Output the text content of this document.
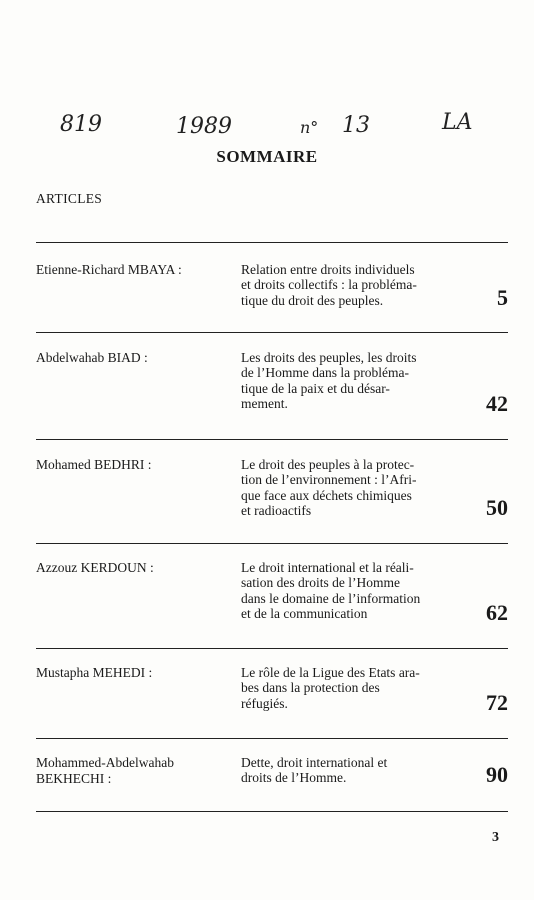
819	1989	n° 13	LA
SOMMAIRE
ARTICLES
Etienne-Richard MBAYA :	Relation entre droits individuels
et droits collectifs : la probléma-
tique du droit des peuples.	5
Abdelwahab BIAD :	Les droits des peuples, les droits
de l’Homme dans la probléma-
tique de la paix et du désar-
mement.	42
Mohamed BEDHRI :	Le droit des peuples à la protec-
tion de l’environnement : l’Afri-
que face aux déchets chimiques
et radioactifs	50
Azzouz KERDOUN :	Le droit international et la réali-
sation des droits de l’Homme
dans le domaine de l’information
et de la communication	62
Mustapha MEHEDI :	Le rôle de la Ligue des Etats ara-
bes dans la protection des
réfugiés.	72
Mohammed-Abdelwahab BEKHECHI :
Dette, droit international et
droits de l’Homme.	90
3
